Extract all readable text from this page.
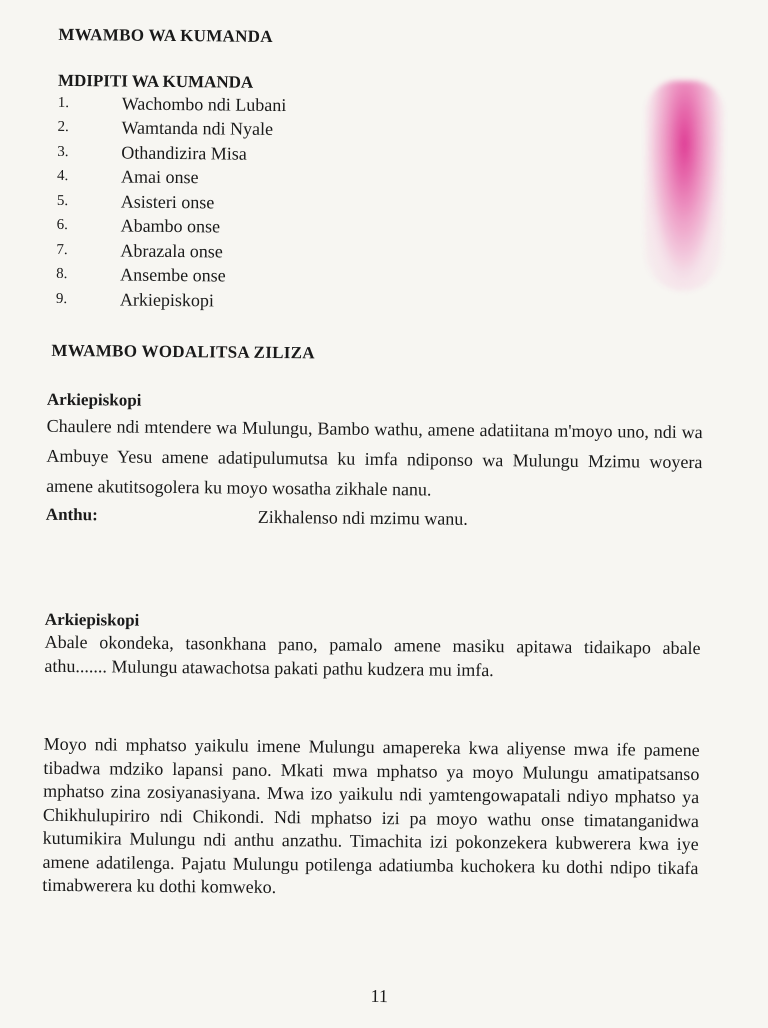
MWAMBO WA KUMANDA
MDIPITI WA KUMANDA
1.	Wachombo ndi Lubani
2.	Wamtanda ndi Nyale
3.	Othandizira Misa
4.	Amai onse
5.	Asisteri onse
6.	Abambo onse
7.	Abrazala onse
8.	Ansembe onse
9.	Arkiepiskopi
MWAMBO WODALITSA ZILIZA
Arkiepiskopi
Chaulere ndi mtendere wa Mulungu, Bambo wathu, amene adatiitana m'moyo uno, ndi wa Ambuye Yesu amene adatipulumutsa ku imfa ndiponso wa Mulungu Mzimu woyera amene akutitsogolera ku moyo wosatha zikhale nanu.
Anthu:	Zikhalenso ndi mzimu wanu.
Arkiepiskopi
Abale okondeka, tasonkhana pano, pamalo amene masiku apitawa tidaikapo abale athu....... Mulungu atawachotsa pakati pathu kudzera mu imfa.
Moyo ndi mphatso yaikulu imene Mulungu amapereka kwa aliyense mwa ife pamene tibadwa mdziko lapansi pano. Mkati mwa mphatso ya moyo Mulungu amatipatsanso mphatso zina zosiyanasiyana. Mwa izo yaikulu ndi yamtengowapatali ndiyo mphatso ya Chikhulupiriro ndi Chikondi. Ndi mphatso izi pa moyo wathu onse timatanganidwa kutumikira Mulungu ndi anthu anzathu. Timachita izi pokonzekera kubwerera kwa iye amene adatilenga. Pajatu Mulungu potilenga adatiumba kuchokera ku dothi ndipo tikafa timabwerera ku dothi komweko.
11
